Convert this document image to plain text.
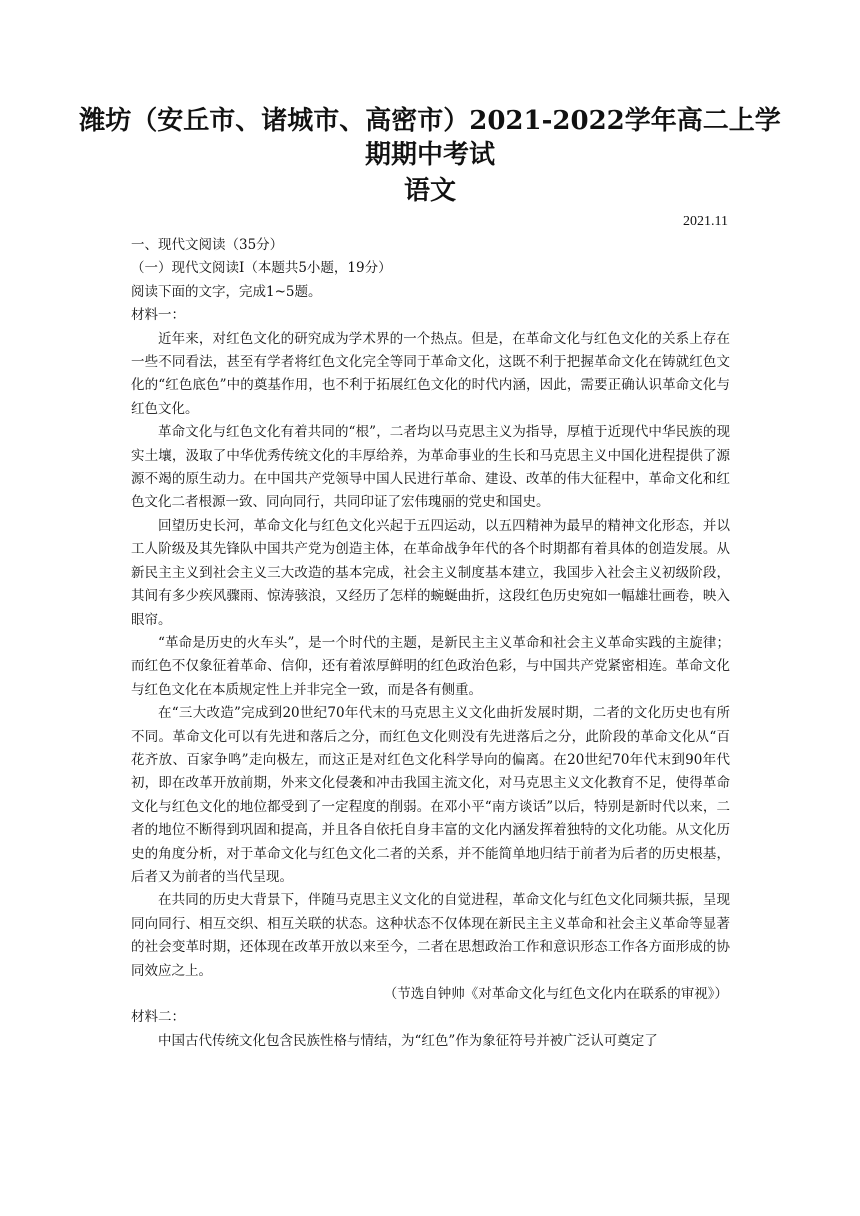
潍坊（安丘市、诸城市、高密市）2021-2022学年高二上学
期期中考试
语文
2021.11

一、现代文阅读（35分）

（一）现代文阅读Ⅰ（本题共5小题，19分）

阅读下面的文字，完成1~5题。

材料一：

近年来，对红色文化的研究成为学术界的一个热点。但是，在革命文化与红色文化的关系上存在一些不同看法，甚至有学者将红色文化完全等同于革命文化，这既不利于把握革命文化在铸就红色文化的“红色底色”中的奠基作用，也不利于拓展红色文化的时代内涵，因此，需要正确认识革命文化与红色文化。

革命文化与红色文化有着共同的“根”，二者均以马克思主义为指导，厚植于近现代中华民族的现实土壤，汲取了中华优秀传统文化的丰厚给养，为革命事业的生长和马克思主义中国化进程提供了源源不竭的原生动力。在中国共产党领导中国人民进行革命、建设、改革的伟大征程中，革命文化和红色文化二者根源一致、同向同行，共同印证了宏伟瑰丽的党史和国史。

回望历史长河，革命文化与红色文化兴起于五四运动，以五四精神为最早的精神文化形态，并以工人阶级及其先锋队中国共产党为创造主体，在革命战争年代的各个时期都有着具体的创造发展。从新民主主义到社会主义三大改造的基本完成，社会主义制度基本建立，我国步入社会主义初级阶段，其间有多少疾风骤雨、惊涛骇浪，又经历了怎样的蜿蜒曲折，这段红色历史宛如一幅雄壮画卷，映入眼帘。

“革命是历史的火车头”，是一个时代的主题，是新民主主义革命和社会主义革命实践的主旋律；而红色不仅象征着革命、信仰，还有着浓厚鲜明的红色政治色彩，与中国共产党紧密相连。革命文化与红色文化在本质规定性上并非完全一致，而是各有侧重。

在“三大改造”完成到20世纪70年代末的马克思主义文化曲折发展时期，二者的文化历史也有所不同。革命文化可以有先进和落后之分，而红色文化则没有先进落后之分，此阶段的革命文化从“百花齐放、百家争鸣”走向极左，而这正是对红色文化科学导向的偏离。在20世纪70年代末到90年代初，即在改革开放前期，外来文化侵袭和冲击我国主流文化，对马克思主义文化教育不足，使得革命文化与红色文化的地位都受到了一定程度的削弱。在邓小平“南方谈话”以后，特别是新时代以来，二者的地位不断得到巩固和提高，并且各自依托自身丰富的文化内涵发挥着独特的文化功能。从文化历史的角度分析，对于革命文化与红色文化二者的关系，并不能简单地归结于前者为后者的历史根基，后者又为前者的当代呈现。

在共同的历史大背景下，伴随马克思主义文化的自觉进程，革命文化与红色文化同频共振，呈现同向同行、相互交织、相互关联的状态。这种状态不仅体现在新民主主义革命和社会主义革命等显著的社会变革时期，还体现在改革开放以来至今，二者在思想政治工作和意识形态工作各方面形成的协同效应之上。

（节选自钟帅《对革命文化与红色文化内在联系的审视》）

材料二：

中国古代传统文化包含民族性格与情结，为“红色”作为象征符号并被广泛认可奠定了
